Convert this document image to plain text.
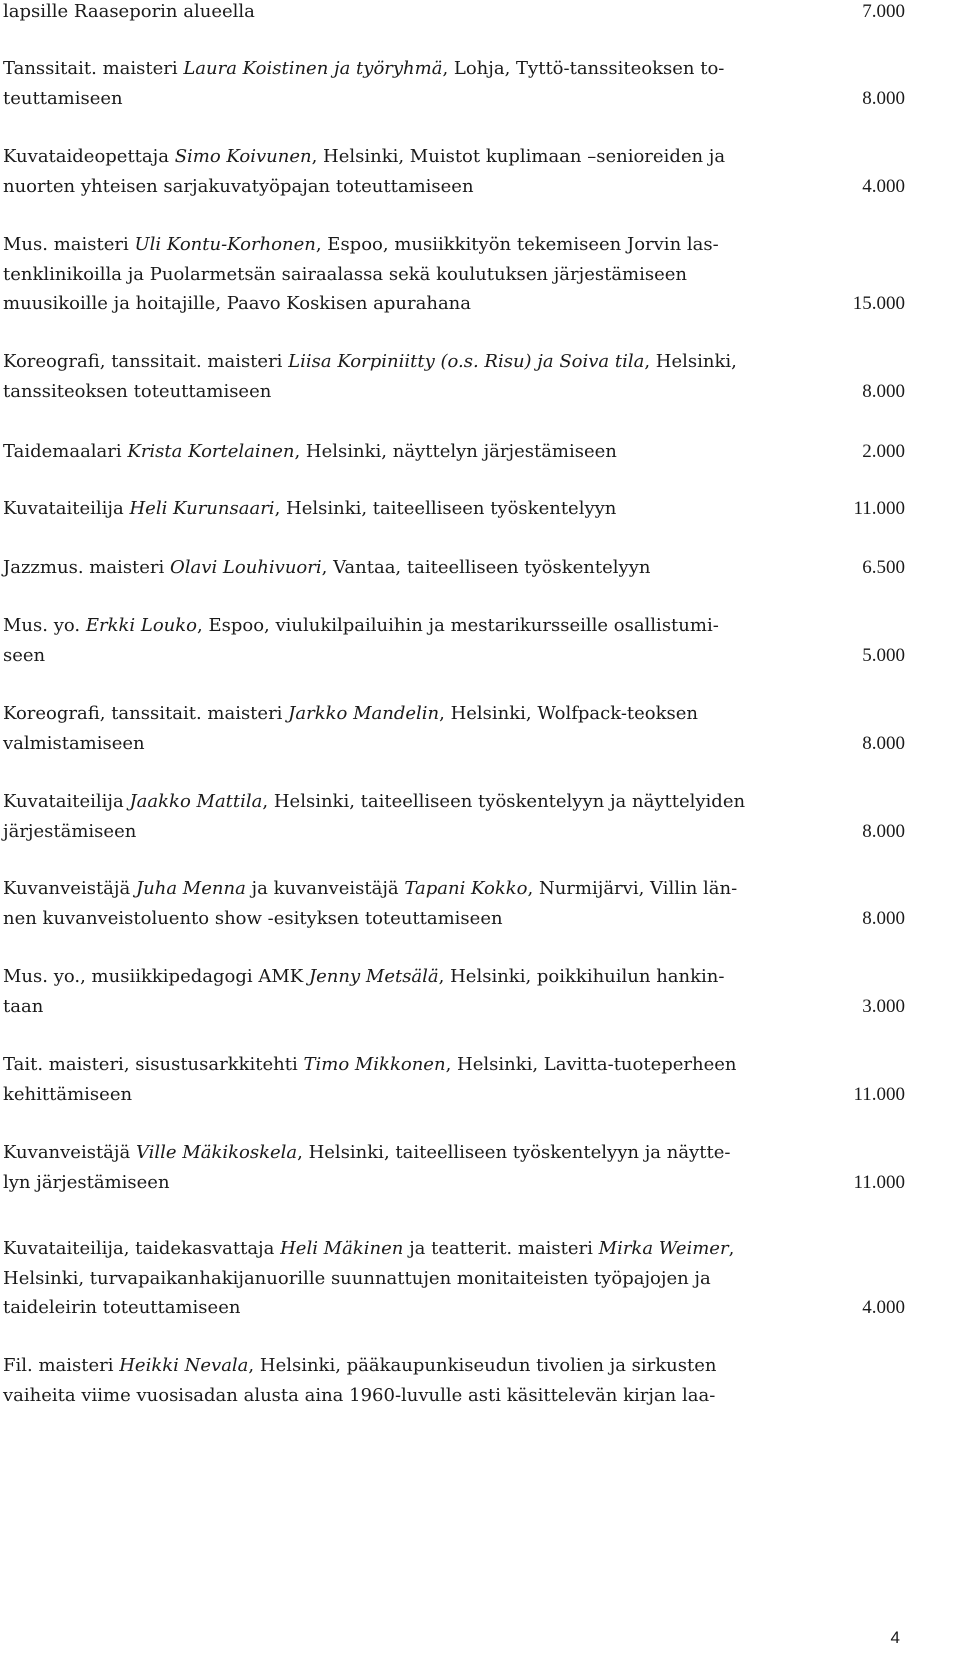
lapsille Raaseporin alueella	7.000
Tanssitait. maisteri Laura Koistinen ja työryhmä, Lohja, Tyttö-tanssiteoksen to-
teuttamiseen	8.000
Kuvataideopettaja Simo Koivunen, Helsinki, Muistot kuplimaan –senioreiden ja
nuorten yhteisen sarjakuvatyöpajan toteuttamiseen	4.000
Mus. maisteri Uli Kontu-Korhonen, Espoo, musiikkityön tekemiseen Jorvin las-
tenklinikoilla ja Puolarmetsän sairaalassa sekä koulutuksen järjestämiseen
muusikoille ja hoitajille, Paavo Koskisen apurahana	15.000
Koreografi, tanssitait. maisteri Liisa Korpiniitty (o.s. Risu) ja Soiva tila, Helsinki,
tanssiteoksen toteuttamiseen	8.000
Taidemaalari Krista Kortelainen, Helsinki, näyttelyn järjestämiseen	2.000
Kuvataiteilija Heli Kurunsaari, Helsinki, taiteelliseen työskentelyyn	11.000
Jazzmus. maisteri Olavi Louhivuori, Vantaa, taiteelliseen työskentelyyn	6.500
Mus. yo. Erkki Louko, Espoo, viulukilpailuihin ja mestarikursseille osallistumi-
seen	5.000
Koreografi, tanssitait. maisteri Jarkko Mandelin, Helsinki, Wolfpack-teoksen
valmistamiseen	8.000
Kuvataiteilija Jaakko Mattila, Helsinki, taiteelliseen työskentelyyn ja näyttelyiden
järjestämiseen	8.000
Kuvanveistäjä Juha Menna ja kuvanveistäjä Tapani Kokko, Nurmijärvi, Villin län-
nen kuvanveistoluento show -esityksen toteuttamiseen	8.000
Mus. yo., musiikkipedagogi AMK Jenny Metsälä, Helsinki, poikkihuilun hankin-
taan	3.000
Tait. maisteri, sisustusarkkitehti Timo Mikkonen, Helsinki, Lavitta-tuoteperheen
kehittämiseen	11.000
Kuvanveistäjä Ville Mäkikoskela, Helsinki, taiteelliseen työskentelyyn ja näytte-
lyn järjestämiseen	11.000
Kuvataiteilija, taidekasvattaja Heli Mäkinen ja teatterit. maisteri Mirka Weimer,
Helsinki, turvapaikanhakijanuorille suunnattujen monitaiteisten työpajojen ja
taideleirin toteuttamiseen	4.000
Fil. maisteri Heikki Nevala, Helsinki, pääkaupunkiseudun tivolien ja sirkusten
vaiheita viime vuosisadan alusta aina 1960-luvulle asti käsittelevän kirjan laa-
4
